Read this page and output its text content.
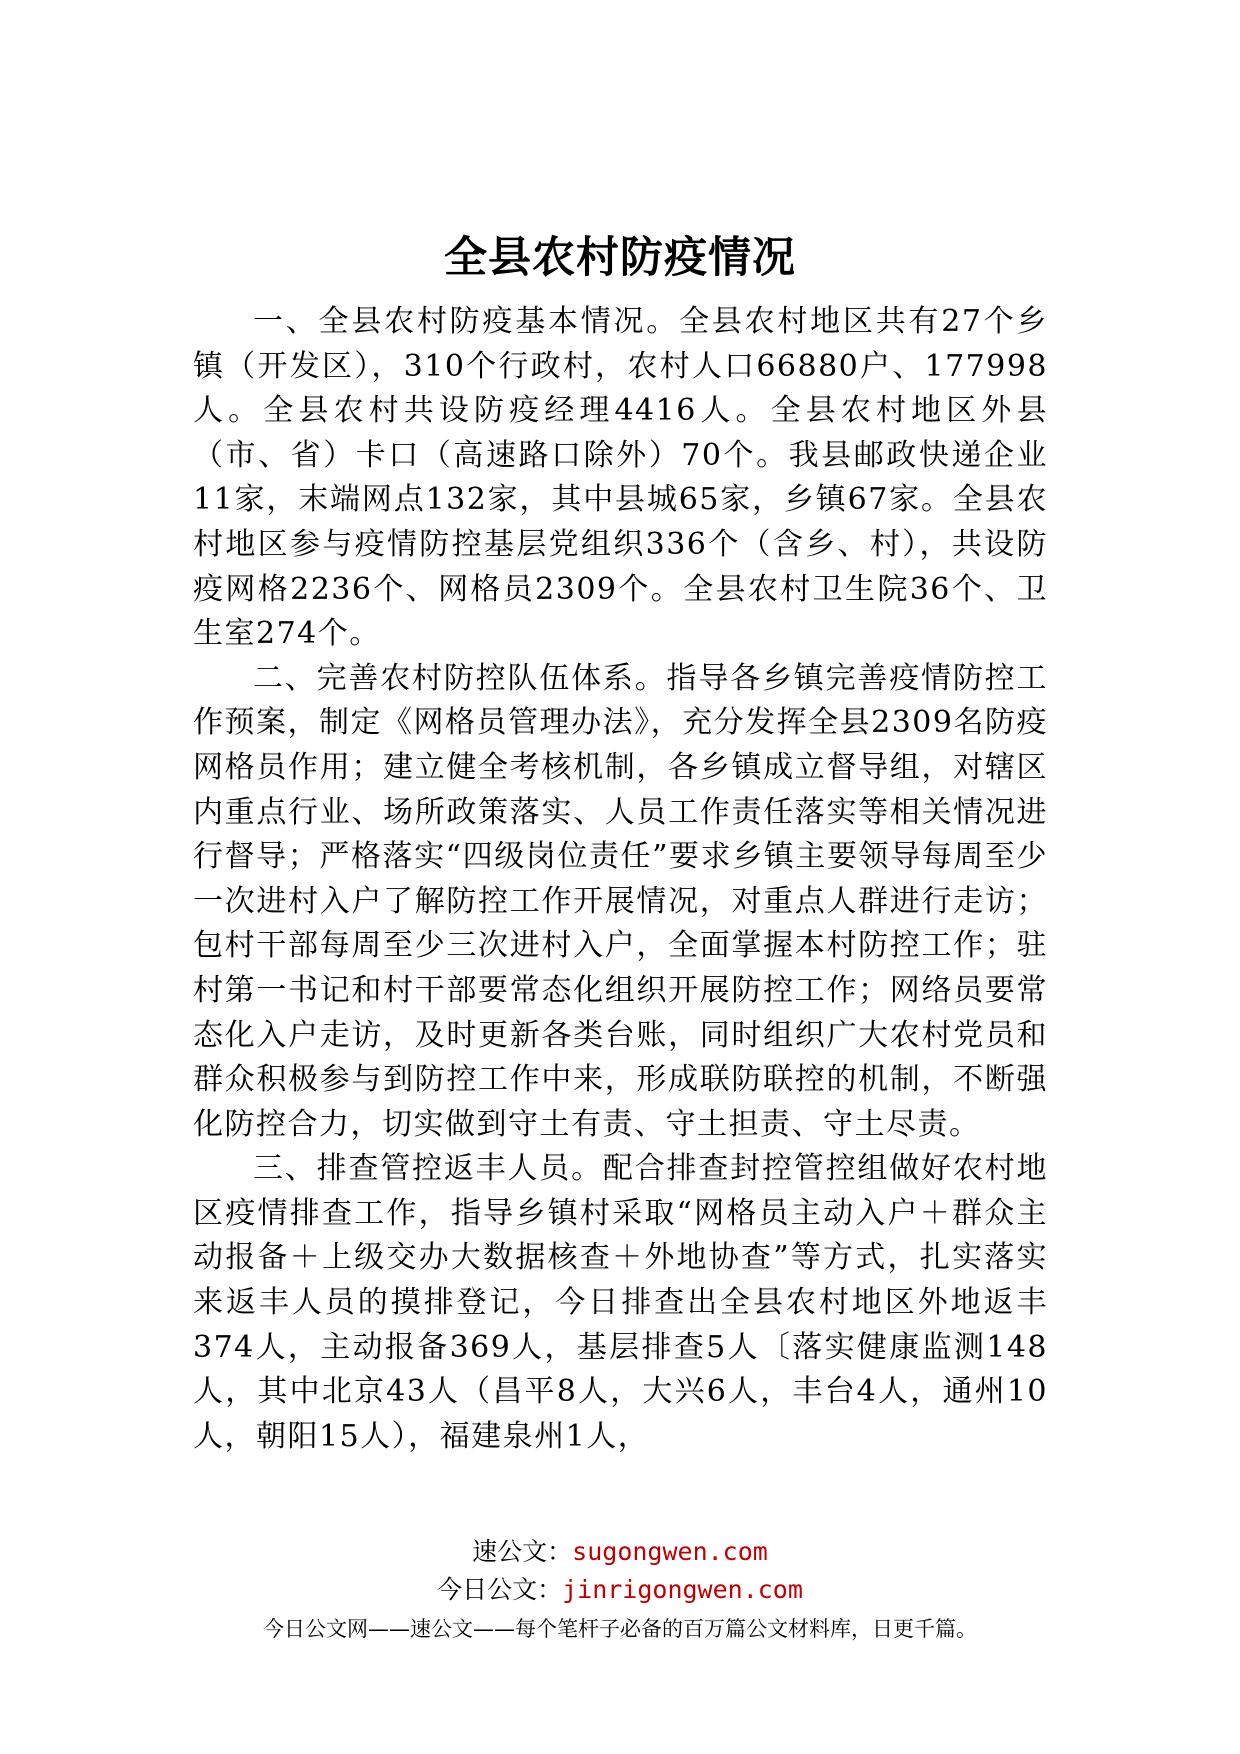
全县农村防疫情况

一、全县农村防疫基本情况。全县农村地区共有27个乡镇（开发区），310个行政村，农村人口66880户、177998人。全县农村共设防疫经理4416人。全县农村地区外县（市、省）卡口（高速路口除外）70个。我县邮政快递企业11家，末端网点132家，其中县城65家，乡镇67家。全县农村地区参与疫情防控基层党组织336个（含乡、村），共设防疫网格2236个、网格员2309个。全县农村卫生院36个、卫生室274个。

二、完善农村防控队伍体系。指导各乡镇完善疫情防控工作预案，制定《网格员管理办法》，充分发挥全县2309名防疫网格员作用；建立健全考核机制，各乡镇成立督导组，对辖区内重点行业、场所政策落实、人员工作责任落实等相关情况进行督导；严格落实“四级岗位责任”要求乡镇主要领导每周至少一次进村入户了解防控工作开展情况，对重点人群进行走访；包村干部每周至少三次进村入户，全面掌握本村防控工作；驻村第一书记和村干部要常态化组织开展防控工作；网络员要常态化入户走访，及时更新各类台账，同时组织广大农村党员和群众积极参与到防控工作中来，形成联防联控的机制，不断强化防控合力，切实做到守土有责、守土担责、守土尽责。

三、排查管控返丰人员。配合排查封控管控组做好农村地区疫情排查工作，指导乡镇村采取“网格员主动入户＋群众主动报备＋上级交办大数据核查＋外地协查”等方式，扎实落实来返丰人员的摸排登记，今日排查出全县农村地区外地返丰374人，主动报备369人，基层排查5人〔落实健康监测148人，其中北京43人（昌平8人，大兴6人，丰台4人，通州10人，朝阳15人），福建泉州1人，

速公文：sugongwen.com
今日公文：jinrigongwen.com
今日公文网——速公文——每个笔杆子必备的百万篇公文材料库，日更千篇。
